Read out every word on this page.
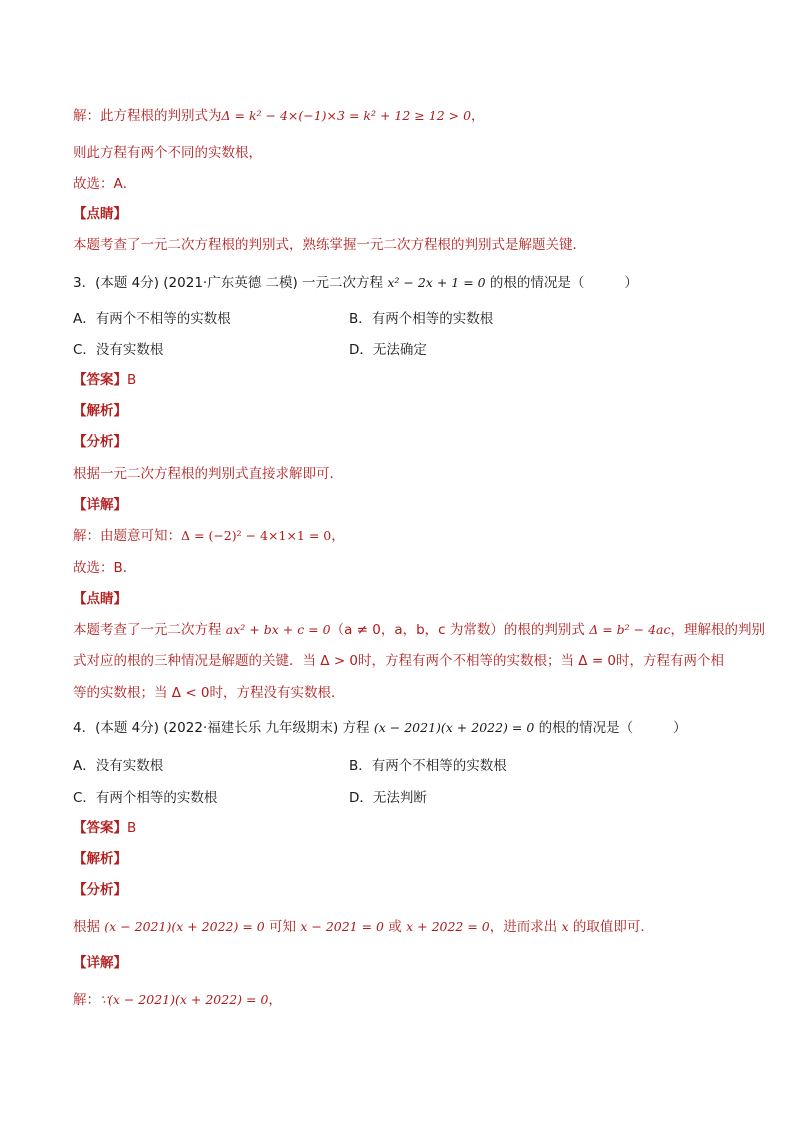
解：此方程根的判别式为Δ = k² − 4×(−1)×3 = k² + 12 ≥ 12 > 0，
则此方程有两个不同的实数根，
故选：A．
【点睛】
本题考查了一元二次方程根的判别式，熟练掌握一元二次方程根的判别式是解题关键．
3．(本题 4分) (2021·广东英德 二模) 一元二次方程 x² − 2x + 1 = 0 的根的情况是（	）
A．有两个不相等的实数根	B．有两个相等的实数根
C．没有实数根	D．无法确定
【答案】B
【解析】
【分析】
根据一元二次方程根的判别式直接求解即可．
【详解】
解：由题意可知：Δ = (−2)² − 4×1×1 = 0，
故选：B．
【点睛】
本题考查了一元二次方程 ax² + bx + c = 0（a ≠ 0，a，b，c 为常数）的根的判别式 Δ = b² − 4ac，理解根的判别
式对应的根的三种情况是解题的关键．当 Δ > 0时，方程有两个不相等的实数根；当 Δ = 0时，方程有两个相
等的实数根；当 Δ < 0时，方程没有实数根．
4．(本题 4分) (2022·福建长乐 九年级期末) 方程 (x − 2021)(x + 2022) = 0 的根的情况是（	）
A．没有实数根	B．有两个不相等的实数根
C．有两个相等的实数根	D．无法判断
【答案】B
【解析】
【分析】
根据 (x − 2021)(x + 2022) = 0 可知 x − 2021 = 0 或 x + 2022 = 0，进而求出 x 的取值即可．
【详解】
解：∵(x − 2021)(x + 2022) = 0，
